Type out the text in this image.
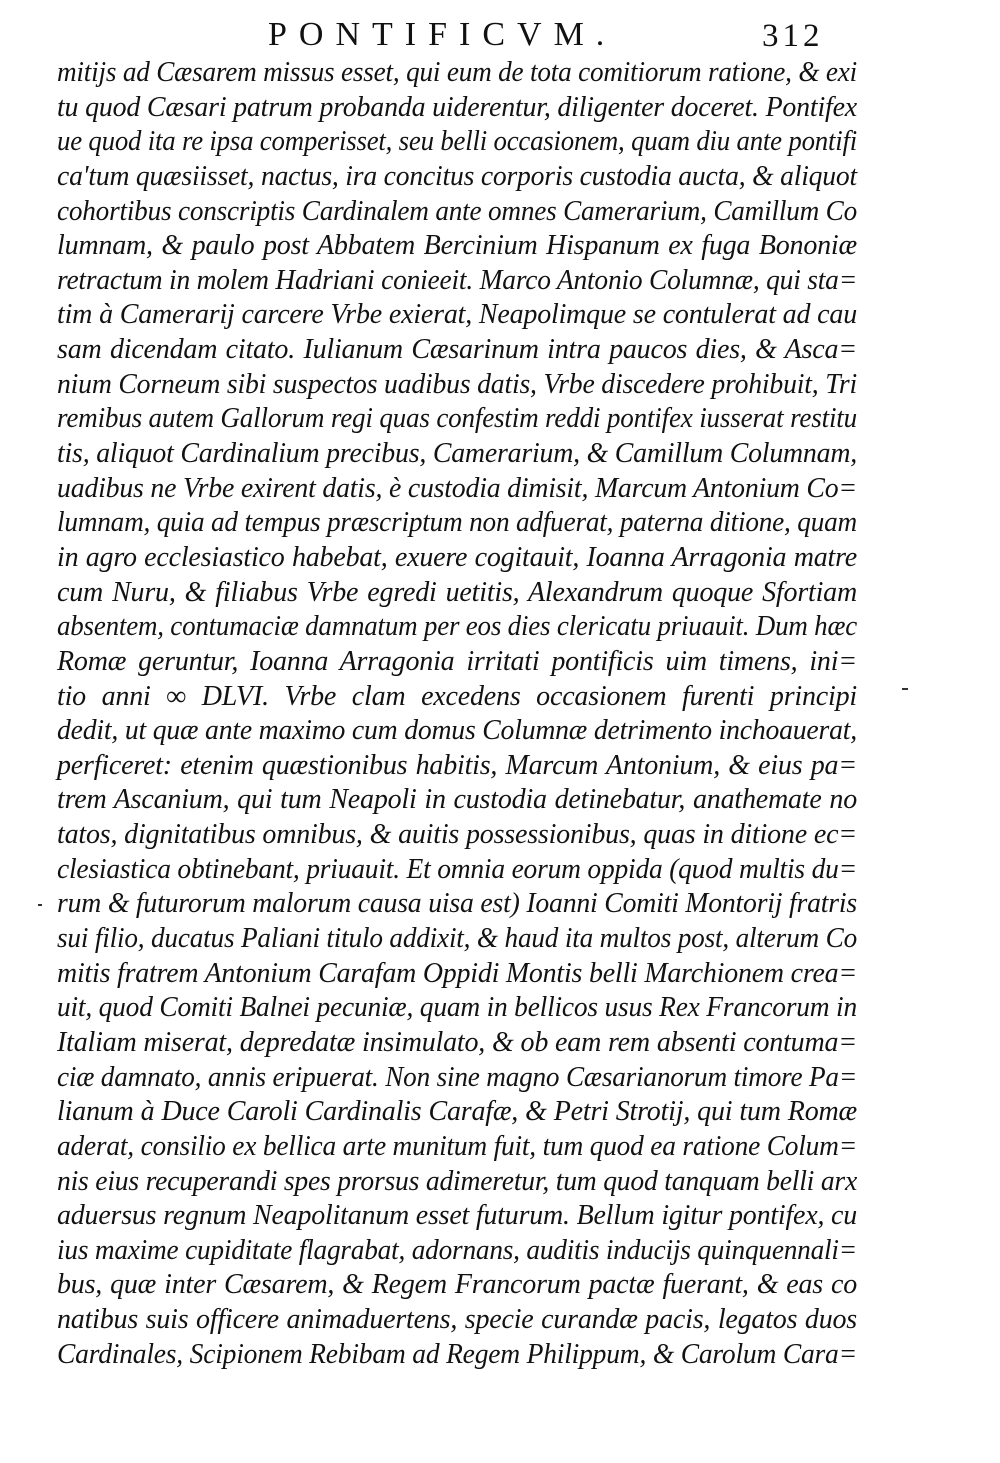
PONTIFICVM.	312
mitijs ad Cæsarem missus esset, qui eum de tota comitiorum ratione, & exi
tu quod Cæsari patrum probanda uiderentur, diligenter doceret. Pontifex
ue quod ita re ipsa comperisset, seu belli occasionem, quam diu ante pontifi
ca'tum quæsiisset, nactus, ira concitus corporis custodia aucta, & aliquot
cohortibus conscriptis Cardinalem ante omnes Camerarium, Camillum Co
lumnam, & paulo post Abbatem Bercinium Hispanum ex fuga Bononiæ
retractum in molem Hadriani conieeit. Marco Antonio Columnæ, qui sta=
tim à Camerarij carcere Vrbe exierat, Neapolimque se contulerat ad cau
sam dicendam citato. Iulianum Cæsarinum intra paucos dies, & Asca=
nium Corneum sibi suspectos uadibus datis, Vrbe discedere prohibuit, Tri
remibus autem Gallorum regi quas confestim reddi pontifex iusserat restitu
tis, aliquot Cardinalium precibus, Camerarium, & Camillum Columnam,
uadibus ne Vrbe exirent datis, è custodia dimisit, Marcum Antonium Co=
lumnam, quia ad tempus præscriptum non adfuerat, paterna ditione, quam
in agro ecclesiastico habebat, exuere cogitauit, Ioanna Arragonia matre
cum Nuru, & filiabus Vrbe egredi uetitis, Alexandrum quoque Sfortiam
absentem, contumaciæ damnatum per eos dies clericatu priuauit. Dum hæc
Romæ geruntur, Ioanna Arragonia irritati pontificis uim timens, ini=
tio anni ∞ DLVI. Vrbe clam excedens occasionem furenti principi
dedit, ut quæ ante maximo cum domus Columnæ detrimento inchoauerat,
perficeret: etenim quæstionibus habitis, Marcum Antonium, & eius pa=
trem Ascanium, qui tum Neapoli in custodia detinebatur, anathemate no
tatos, dignitatibus omnibus, & auitis possessionibus, quas in ditione ec=
clesiastica obtinebant, priuauit. Et omnia eorum oppida (quod multis du=
rum & futurorum malorum causa uisa est) Ioanni Comiti Montorij fratris
sui filio, ducatus Paliani titulo addixit, & haud ita multos post, alterum Co
mitis fratrem Antonium Carafam Oppidi Montis belli Marchionem crea=
uit, quod Comiti Balnei pecuniæ, quam in bellicos usus Rex Francorum in
Italiam miserat, depredatæ insimulato, & ob eam rem absenti contuma=
ciæ damnato, annis eripuerat. Non sine magno Cæsarianorum timore Pa=
lianum à Duce Caroli Cardinalis Carafæ, & Petri Strotij, qui tum Romæ
aderat, consilio ex bellica arte munitum fuit, tum quod ea ratione Colum=
nis eius recuperandi spes prorsus adimeretur, tum quod tanquam belli arx
aduersus regnum Neapolitanum esset futurum. Bellum igitur pontifex, cu
ius maxime cupiditate flagrabat, adornans, auditis inducijs quinquennali=
bus, quæ inter Cæsarem, & Regem Francorum pactæ fuerant, & eas co
natibus suis officere animaduertens, specie curandæ pacis, legatos duos
Cardinales, Scipionem Rebibam ad Regem Philippum, & Carolum Cara=
